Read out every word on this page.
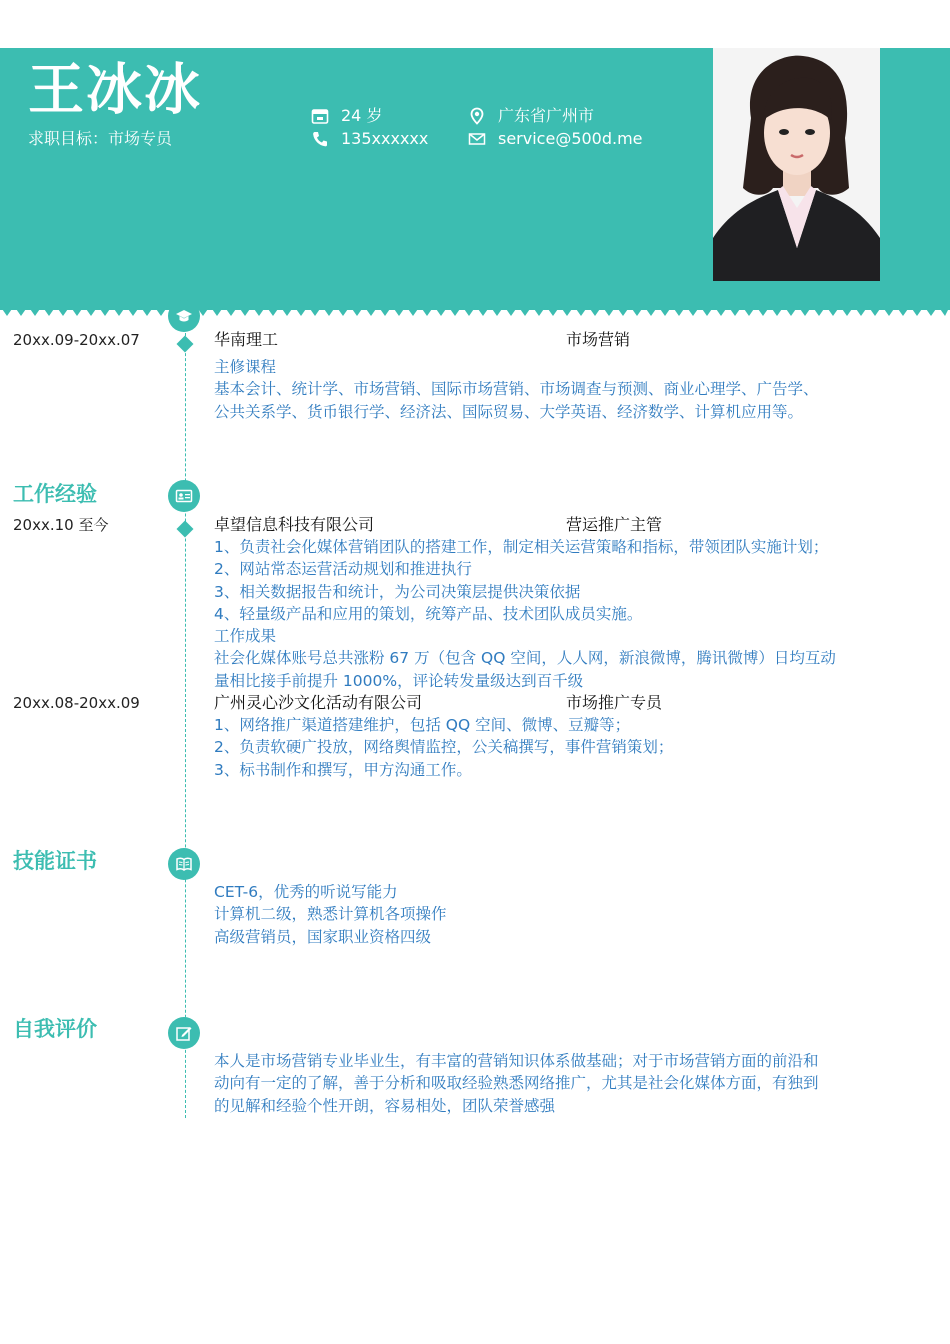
王冰冰
求职目标：市场专员
24 岁
135xxxxxx
广东省广州市
service@500d.me
20xx.09-20xx.07	华南理工	市场营销
主修课程
基本会计、统计学、市场营销、国际市场营销、市场调查与预测、商业心理学、广告学、
公共关系学、货币银行学、经济法、国际贸易、大学英语、经济数学、计算机应用等。
工作经验
20xx.10 至今	卓望信息科技有限公司	营运推广主管
1、负责社会化媒体营销团队的搭建工作，制定相关运营策略和指标，带领团队实施计划；
2、网站常态运营活动规划和推进执行
3、相关数据报告和统计，为公司决策层提供决策依据
4、轻量级产品和应用的策划，统筹产品、技术团队成员实施。
工作成果
社会化媒体账号总共涨粉 67 万（包含 QQ 空间，人人网，新浪微博，腾讯微博）日均互动
量相比接手前提升 1000%，评论转发量级达到百千级
20xx.08-20xx.09	广州灵心沙文化活动有限公司	市场推广专员
1、网络推广渠道搭建维护，包括 QQ 空间、微博、豆瓣等；
2、负责软硬广投放，网络舆情监控，公关稿撰写，事件营销策划；
3、标书制作和撰写，甲方沟通工作。
技能证书
CET-6，优秀的听说写能力
计算机二级，熟悉计算机各项操作
高级营销员，国家职业资格四级
自我评价
本人是市场营销专业毕业生，有丰富的营销知识体系做基础；对于市场营销方面的前沿和
动向有一定的了解，善于分析和吸取经验熟悉网络推广，尤其是社会化媒体方面，有独到
的见解和经验个性开朗，容易相处，团队荣誉感强
